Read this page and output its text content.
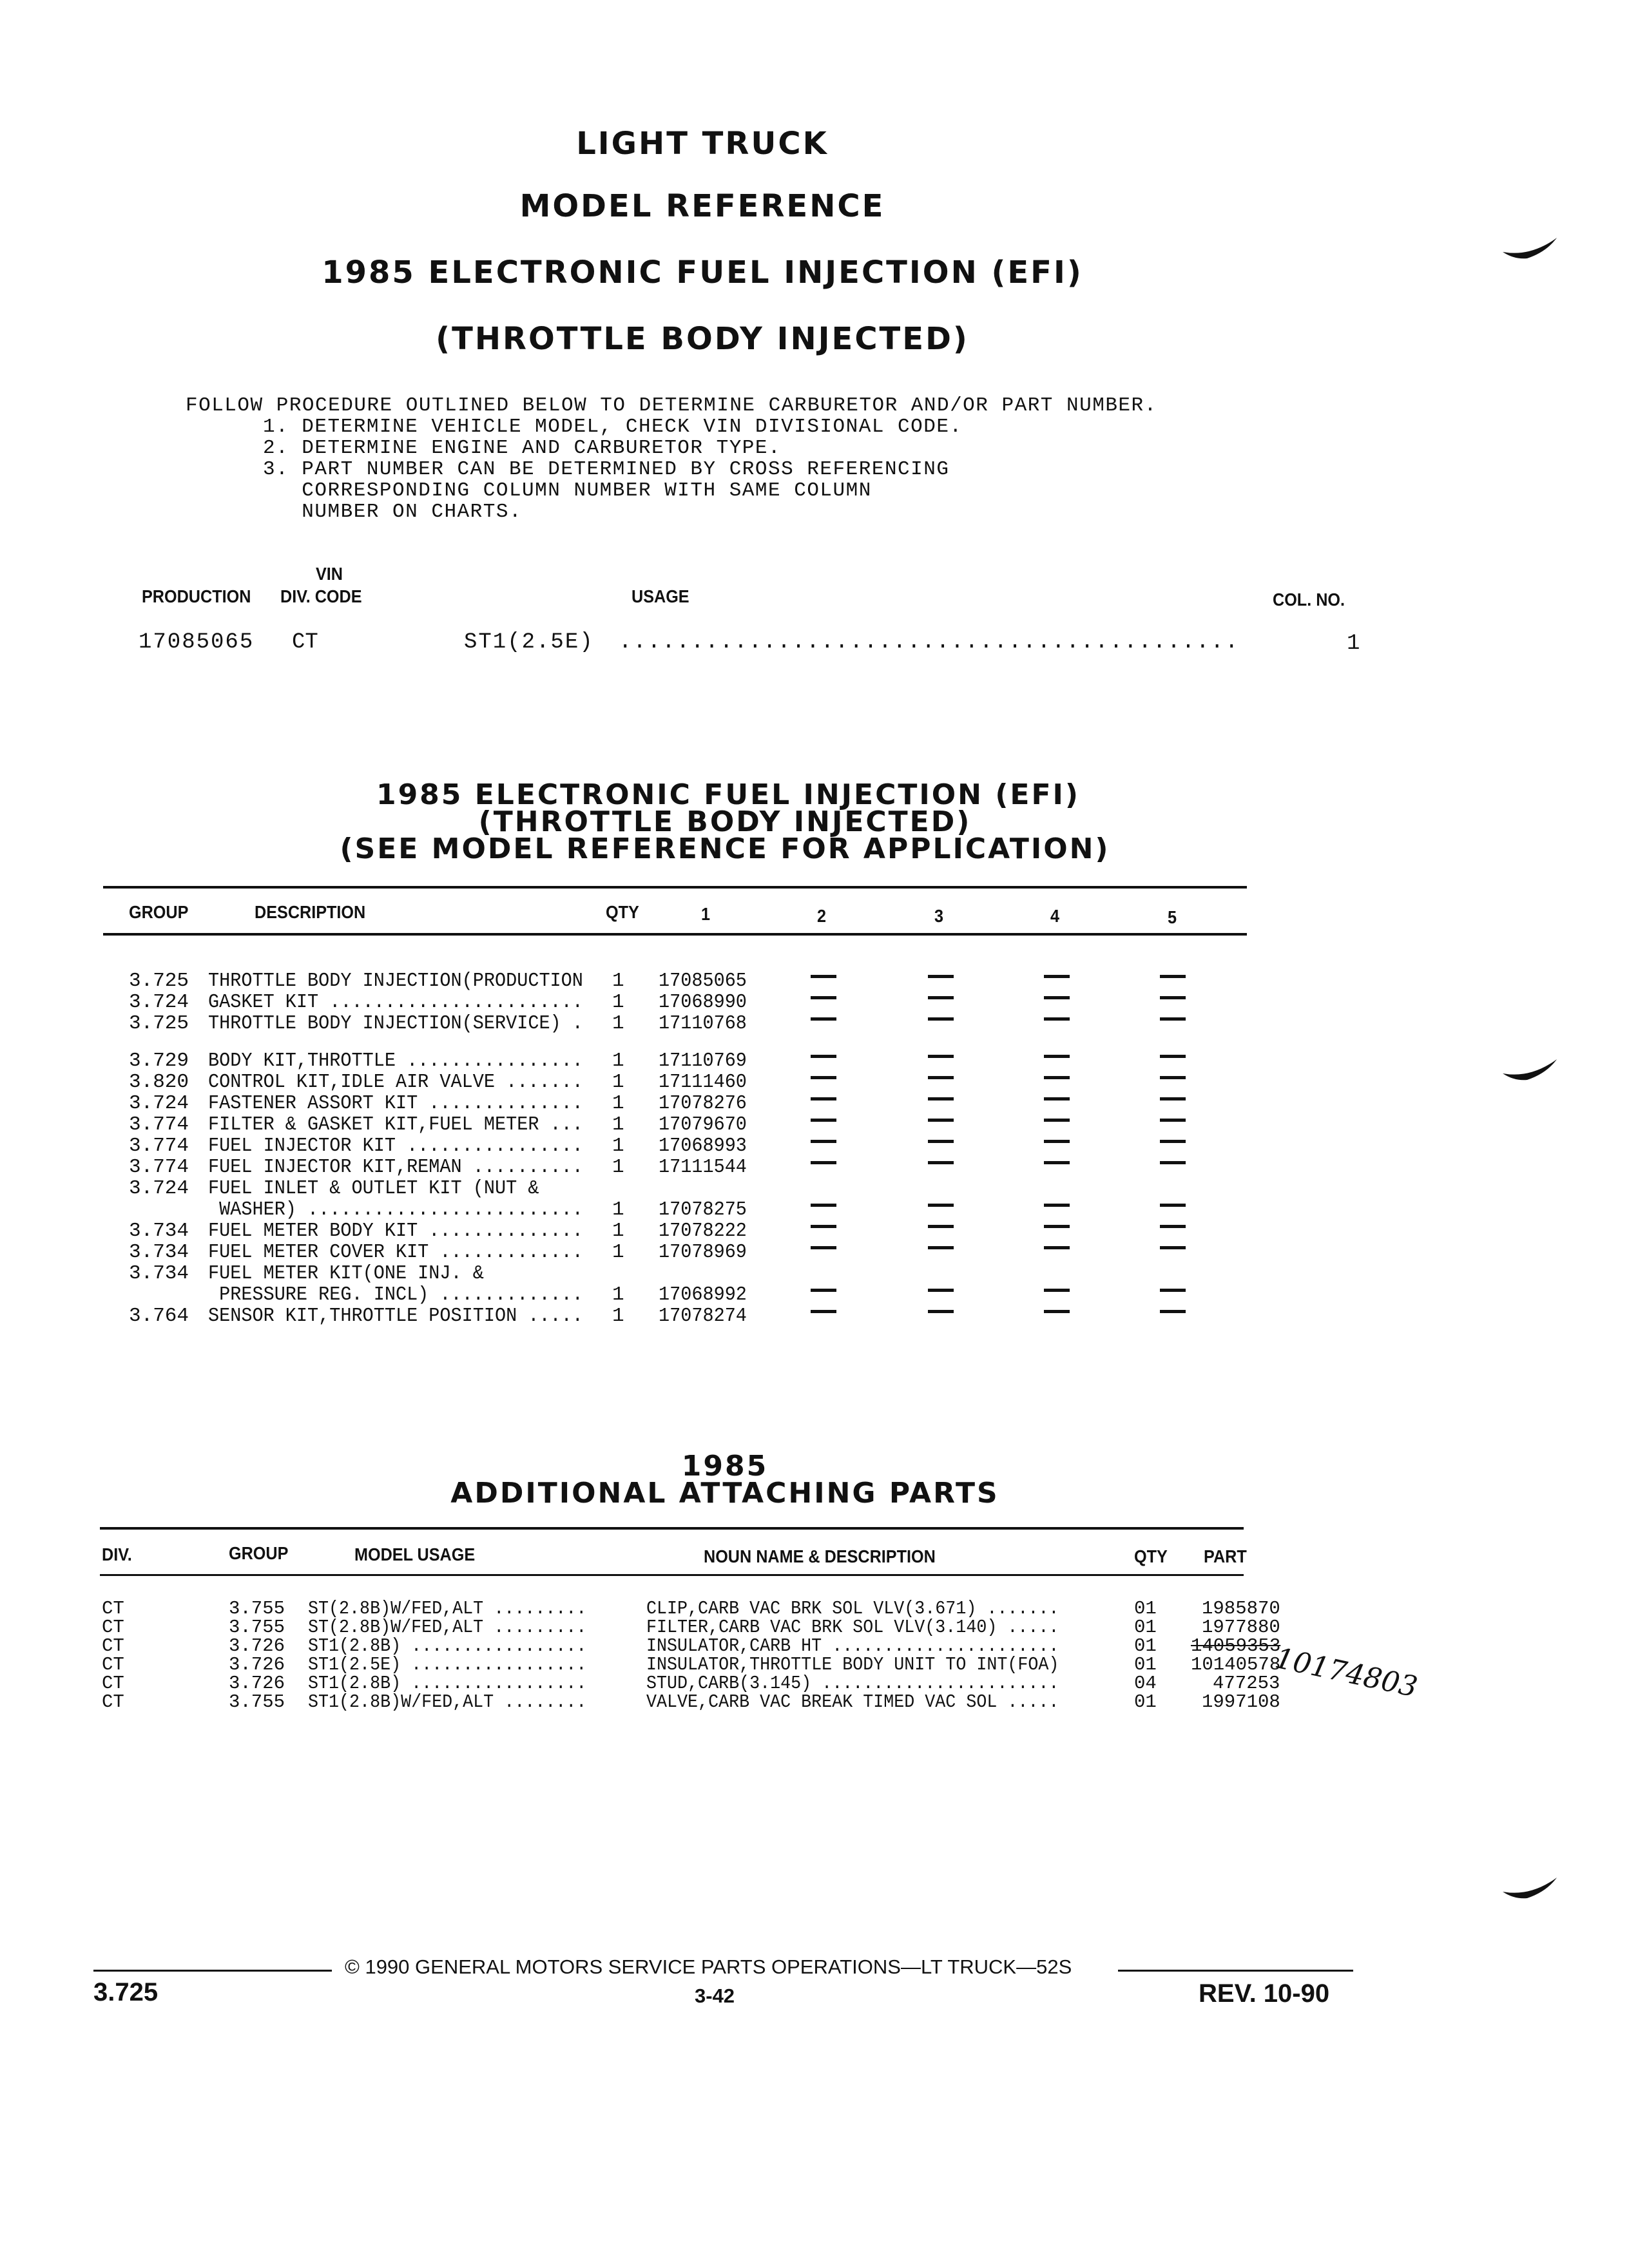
LIGHT TRUCK
MODEL REFERENCE
1985 ELECTRONIC FUEL INJECTION (EFI)
(THROTTLE BODY INJECTED)
FOLLOW PROCEDURE OUTLINED BELOW TO DETERMINE CARBURETOR AND/OR PART NUMBER.
1. DETERMINE VEHICLE MODEL, CHECK VIN DIVISIONAL CODE.
2. DETERMINE ENGINE AND CARBURETOR TYPE.
3. PART NUMBER CAN BE DETERMINED BY CROSS REFERENCING
CORRESPONDING COLUMN NUMBER WITH SAME COLUMN
NUMBER ON CHARTS.
VIN
PRODUCTION DIV. CODE	USAGE	COL. NO.
17085065 CT	ST1(2.5E) ...........................................	1
1985 ELECTRONIC FUEL INJECTION (EFI)
(THROTTLE BODY INJECTED)
(SEE MODEL REFERENCE FOR APPLICATION)
GROUP	DESCRIPTION	QTY	1	2	3	4	5
3.725 THROTTLE BODY INJECTION(PRODUCTION 1 17085065
3.724 GASKET KIT ....................... 1 17068990
3.725 THROTTLE BODY INJECTION(SERVICE) . 1 17110768
3.729 BODY KIT,THROTTLE ................ 1 17110769
3.820 CONTROL KIT,IDLE AIR VALVE ....... 1 17111460
3.724 FASTENER ASSORT KIT .............. 1 17078276
3.774 FILTER & GASKET KIT,FUEL METER ... 1 17079670
3.774 FUEL INJECTOR KIT ................ 1 17068993
3.774 FUEL INJECTOR KIT,REMAN .......... 1 17111544
3.724 FUEL INLET & OUTLET KIT (NUT &
WASHER) ......................... 1 17078275
3.734 FUEL METER BODY KIT .............. 1 17078222
3.734 FUEL METER COVER KIT ............. 1 17078969
3.734 FUEL METER KIT(ONE INJ. &
PRESSURE REG. INCL) ............. 1 17068992
3.764 SENSOR KIT,THROTTLE POSITION ..... 1 17078274
1985
ADDITIONAL ATTACHING PARTS
DIV.	GROUP	MODEL USAGE	NOUN NAME & DESCRIPTION	QTY PART
CT	3.755 ST(2.8B)W/FED,ALT .........	CLIP,CARB VAC BRK SOL VLV(3.671) .......	01 1985870
CT	3.755 ST(2.8B)W/FED,ALT .........	FILTER,CARB VAC BRK SOL VLV(3.140) .....	01 1977880
CT	3.726 ST1(2.8B) .................	INSULATOR,CARB HT ......................	01 14059353
CT	3.726 ST1(2.5E) .................	INSULATOR,THROTTLE BODY UNIT TO INT(FOA)	01 10140578
CT	3.726 ST1(2.8B) .................	STUD,CARB(3.145) .......................	04	477253
CT	3.755 ST1(2.8B)W/FED,ALT ........	VALVE,CARB VAC BREAK TIMED VAC SOL .....	01 1997108
10174803
© 1990 GENERAL MOTORS SERVICE PARTS OPERATIONS—LT TRUCK—52S
3-42
3.725	REV. 10-90
